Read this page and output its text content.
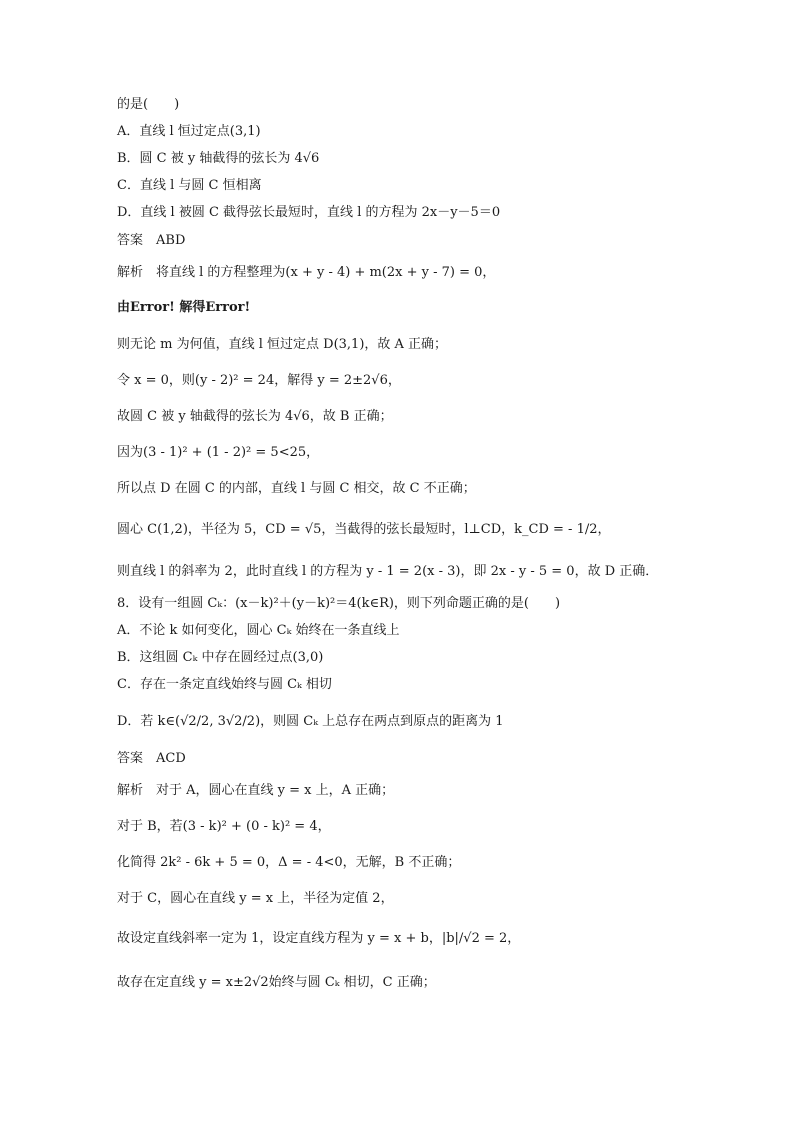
的是(　　)
A．直线 l 恒过定点(3,1)
B．圆 C 被 y 轴截得的弦长为 4√6
C．直线 l 与圆 C 恒相离
D．直线 l 被圆 C 截得弦长最短时，直线 l 的方程为 2x－y－5＝0
答案　ABD
解析　将直线 l 的方程整理为(x + y - 4) + m(2x + y - 7) = 0，
由Error! 解得Error!
则无论 m 为何值，直线 l 恒过定点 D(3,1)，故 A 正确；
令 x = 0，则(y - 2)² = 24，解得 y = 2±2√6，
故圆 C 被 y 轴截得的弦长为 4√6，故 B 正确；
因为(3 - 1)² + (1 - 2)² = 5<25，
所以点 D 在圆 C 的内部，直线 l 与圆 C 相交，故 C 不正确；
圆心 C(1,2)，半径为 5，CD = √5，当截得的弦长最短时，l⊥CD，k_CD = - 1/2，
则直线 l 的斜率为 2，此时直线 l 的方程为 y - 1 = 2(x - 3)，即 2x - y - 5 = 0，故 D 正确．
8．设有一组圆 Cₖ：(x－k)²＋(y－k)²＝4(k∈R)，则下列命题正确的是(　　)
A．不论 k 如何变化，圆心 Cₖ 始终在一条直线上
B．这组圆 Cₖ 中存在圆经过点(3,0)
C．存在一条定直线始终与圆 Cₖ 相切
D．若 k∈(√2/2, 3√2/2)，则圆 Cₖ 上总存在两点到原点的距离为 1
答案　ACD
解析　对于 A，圆心在直线 y = x 上，A 正确；
对于 B，若(3 - k)² + (0 - k)² = 4，
化简得 2k² - 6k + 5 = 0，Δ = - 4<0，无解，B 不正确；
对于 C，圆心在直线 y = x 上，半径为定值 2，
故设定直线斜率一定为 1，设定直线方程为 y = x + b，|b|/√2 = 2，
故存在定直线 y = x±2√2始终与圆 Cₖ 相切，C 正确；
